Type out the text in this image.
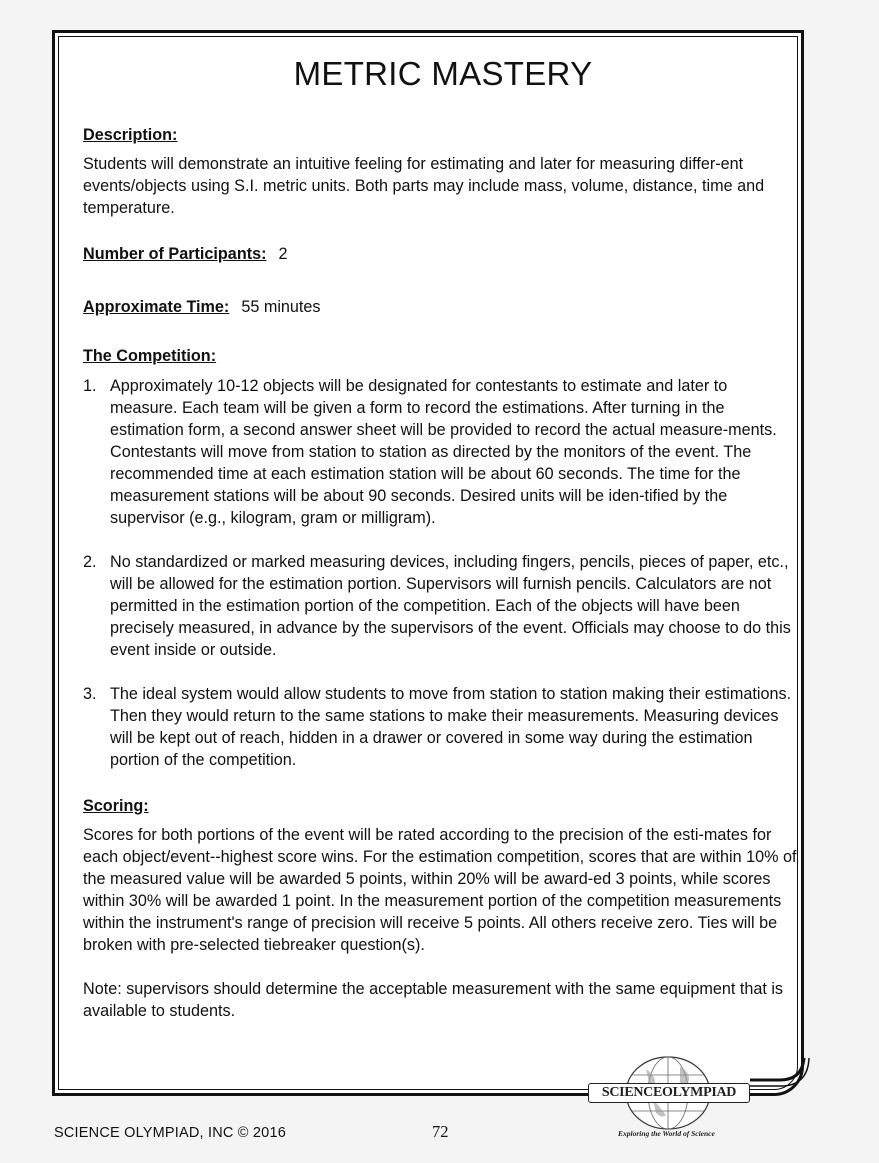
METRIC MASTERY
Description:

Students will demonstrate an intuitive feeling for estimating and later for measuring differ-ent events/objects using S.I. metric units. Both parts may include mass, volume, distance, time and temperature.

Number of Participants: 2
Approximate Time: 55 minutes
The Competition:
1. Approximately 10-12 objects will be designated for contestants to estimate and later to measure. Each team will be given a form to record the estimations. After turning in the estimation form, a second answer sheet will be provided to record the actual measure-ments. Contestants will move from station to station as directed by the monitors of the event. The recommended time at each estimation station will be about 60 seconds. The time for the measurement stations will be about 90 seconds. Desired units will be iden-tified by the supervisor (e.g., kilogram, gram or milligram).

2. No standardized or marked measuring devices, including fingers, pencils, pieces of paper, etc., will be allowed for the estimation portion. Supervisors will furnish pencils. Calculators are not permitted in the estimation portion of the competition. Each of the objects will have been precisely measured, in advance by the supervisors of the event. Officials may choose to do this event inside or outside.

3. The ideal system would allow students to move from station to station making their estimations. Then they would return to the same stations to make their measurements. Measuring devices will be kept out of reach, hidden in a drawer or covered in some way during the estimation portion of the competition.

Scoring:

Scores for both portions of the event will be rated according to the precision of the esti-mates for each object/event--highest score wins. For the estimation competition, scores that are within 10% of the measured value will be awarded 5 points, within 20% will be award-ed 3 points, while scores within 30% will be awarded 1 point. In the measurement portion of the competition measurements within the instrument's range of precision will receive 5 points. All others receive zero. Ties will be broken with pre-selected tiebreaker question(s).

Note: supervisors should determine the acceptable measurement with the same equipment that is available to students.

SCIENCEOLYMPIAD
Exploring the World of Science
SCIENCE OLYMPIAD, INC © 2016	72
